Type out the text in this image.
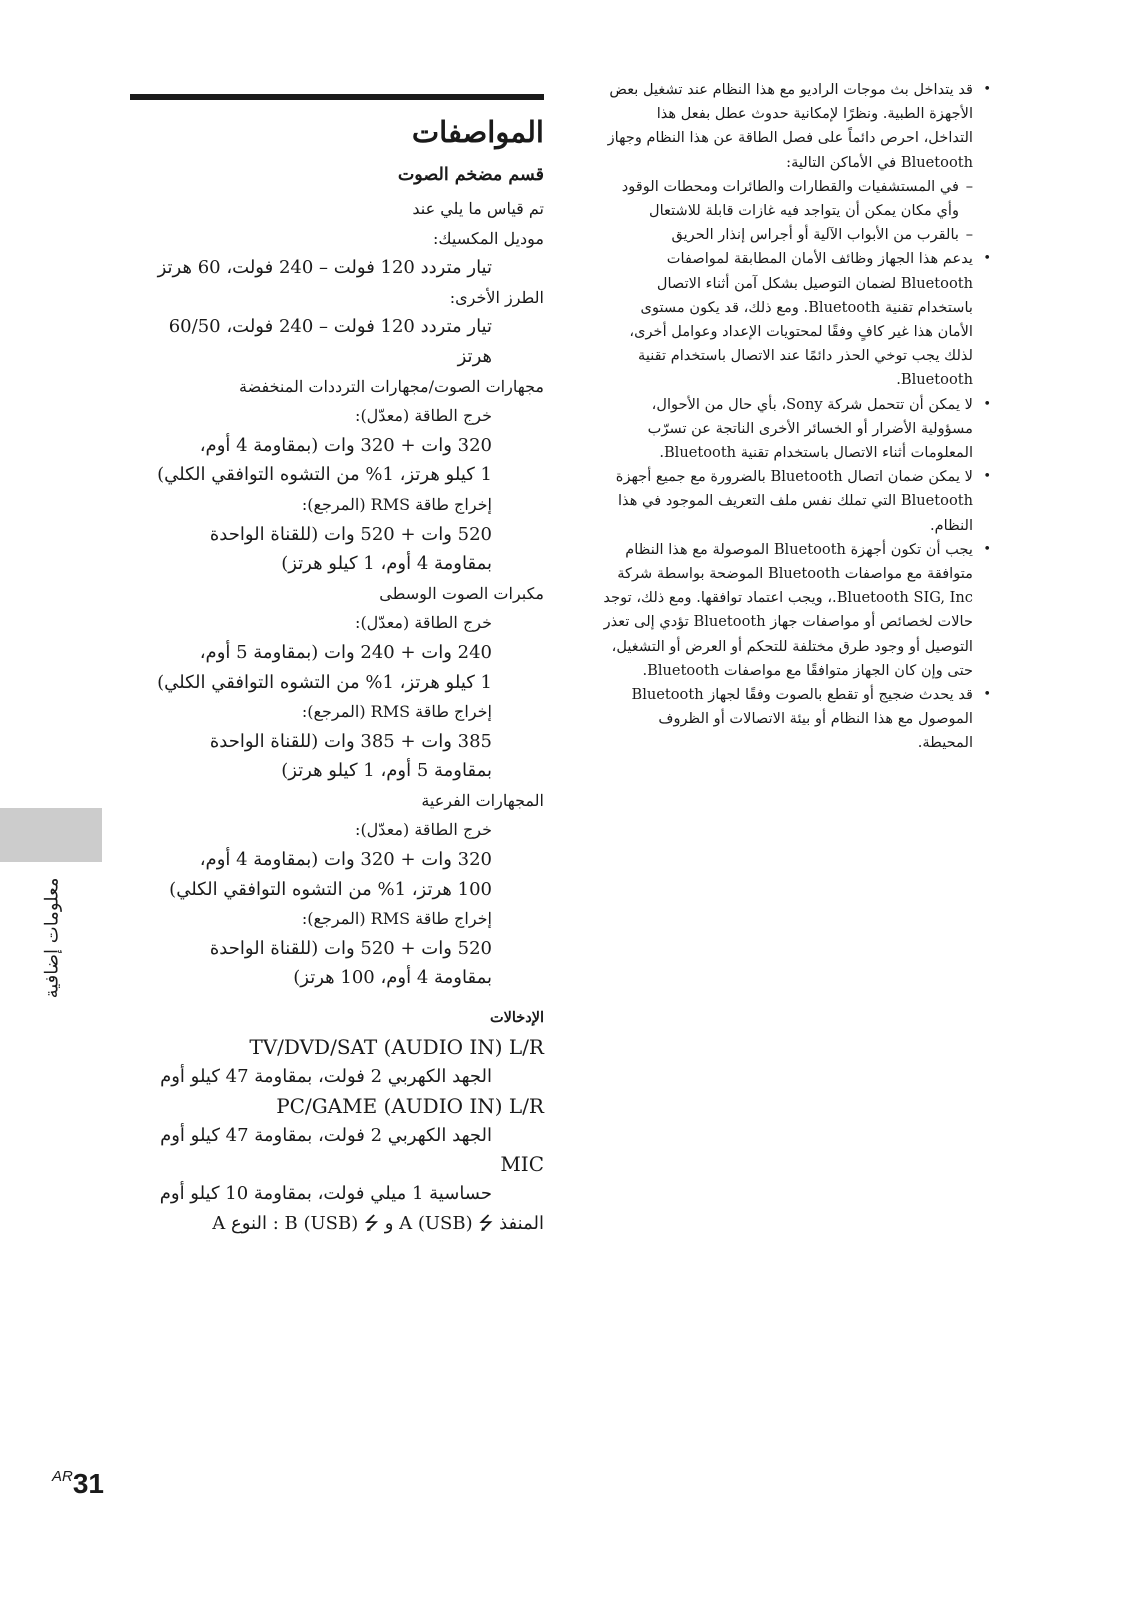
• قد يتداخل بث موجات الراديو مع هذا النظام عند تشغيل بعض الأجهزة الطبية. ونظرًا لإمكانية حدوث عطل بفعل هذا التداخل، احرص دائماً على فصل الطاقة عن هذا النظام وجهاز Bluetooth في الأماكن التالية:

– في المستشفيات والقطارات والطائرات ومحطات الوقود وأي مكان يمكن أن يتواجد فيه غازات قابلة للاشتعال

– بالقرب من الأبواب الآلية أو أجراس إنذار الحريق

• يدعم هذا الجهاز وظائف الأمان المطابقة لمواصفات Bluetooth لضمان التوصيل بشكل آمن أثناء الاتصال باستخدام تقنية Bluetooth. ومع ذلك، قد يكون مستوى الأمان هذا غير كافٍ وفقًا لمحتويات الإعداد وعوامل أخرى، لذلك يجب توخي الحذر دائمًا عند الاتصال باستخدام تقنية Bluetooth.

• لا يمكن أن تتحمل شركة Sony، بأي حال من الأحوال، مسؤولية الأضرار أو الخسائر الأخرى الناتجة عن تسرّب المعلومات أثناء الاتصال باستخدام تقنية Bluetooth.

• لا يمكن ضمان اتصال Bluetooth بالضرورة مع جميع أجهزة Bluetooth التي تملك نفس ملف التعريف الموجود في هذا النظام.

• يجب أن تكون أجهزة Bluetooth الموصولة مع هذا النظام متوافقة مع مواصفات Bluetooth الموضحة بواسطة شركة Bluetooth SIG, Inc.، ويجب اعتماد توافقها. ومع ذلك، توجد حالات لخصائص أو مواصفات جهاز Bluetooth تؤدي إلى تعذر التوصيل أو وجود طرق مختلفة للتحكم أو العرض أو التشغيل، حتى وإن كان الجهاز متوافقًا مع مواصفات Bluetooth.

• قد يحدث ضجيج أو تقطع بالصوت وفقًا لجهاز Bluetooth الموصول مع هذا النظام أو بيئة الاتصالات أو الظروف المحيطة.

المواصفات
قسم مضخم الصوت

تم قياس ما يلي عند

موديل المكسيك:

تيار متردد 120 فولت – 240 فولت، 60 هرتز

الطرز الأخرى:

تيار متردد 120 فولت – 240 فولت، 60/50 هرتز

مجهارات الصوت/مجهارات الترددات المنخفضة

خرج الطاقة (معدّل):

320 وات + 320 وات (بمقاومة 4 أوم،

1 كيلو هرتز، 1% من التشوه التوافقي الكلي)

إخراج طاقة RMS (المرجع):

520 وات + 520 وات (للقناة الواحدة

بمقاومة 4 أوم، 1 كيلو هرتز)

مكبرات الصوت الوسطى

خرج الطاقة (معدّل):

240 وات + 240 وات (بمقاومة 5 أوم،

1 كيلو هرتز، 1% من التشوه التوافقي الكلي)

إخراج طاقة RMS (المرجع):

385 وات + 385 وات (للقناة الواحدة

بمقاومة 5 أوم، 1 كيلو هرتز)

المجهارات الفرعية

خرج الطاقة (معدّل):

320 وات + 320 وات (بمقاومة 4 أوم،

100 هرتز، 1% من التشوه التوافقي الكلي)

إخراج طاقة RMS (المرجع):

520 وات + 520 وات (للقناة الواحدة

بمقاومة 4 أوم، 100 هرتز)

الإدخالات

TV/DVD/SAT (AUDIO IN) L/R

الجهد الكهربي 2 فولت، بمقاومة 47 كيلو أوم

PC/GAME (AUDIO IN) L/R

الجهد الكهربي 2 فولت، بمقاومة 47 كيلو أوم

MIC

حساسية 1 ميلي فولت، بمقاومة 10 كيلو أوم

المنفذ A (USB) ⭍ و B (USB) ⭍ : النوع A

معلومات إضافية
AR31
